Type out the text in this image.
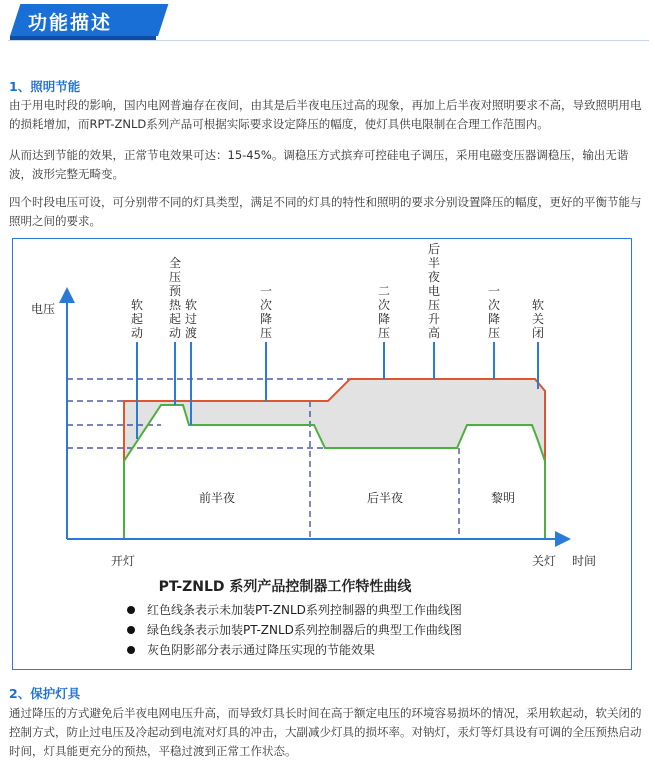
功能描述
1、照明节能
由于用电时段的影响，国内电网普遍存在夜间，由其是后半夜电压过高的现象，再加上后半夜对照明要求不高，导致照明用电的损耗增加，而RPT-ZNLD系列产品可根据实际要求设定降压的幅度，使灯具供电限制在合理工作范围内。
从而达到节能的效果，正常节电效果可达：15-45%。调稳压方式摈弃可控硅电子调压，采用电磁变压器调稳压，输出无谐波，波形完整无畸变。
四个时段电压可设，可分别带不同的灯具类型，满足不同的灯具的特性和照明的要求分别设置降压的幅度，更好的平衡节能与照明之间的要求。
电压
时间
开灯	关灯
软起动
全压预热起动
软过渡
一次降压
二次降压
后半夜电压升高
一次降压
软关闭
前半夜	后半夜	黎明
PT-ZNLD 系列产品控制器工作特性曲线
红色线条表示未加装PT-ZNLD系列控制器的典型工作曲线图
绿色线条表示加装PT-ZNLD系列控制器后的典型工作曲线图
灰色阴影部分表示通过降压实现的节能效果
2、保护灯具
通过降压的方式避免后半夜电网电压升高，而导致灯具长时间在高于额定电压的环境容易损坏的情况，采用软起动，软关闭的控制方式，防止过电压及冷起动到电流对灯具的冲击，大副减少灯具的损坏率。对钠灯，汞灯等灯具设有可调的全压预热启动时间，灯具能更充分的预热，平稳过渡到正常工作状态。
